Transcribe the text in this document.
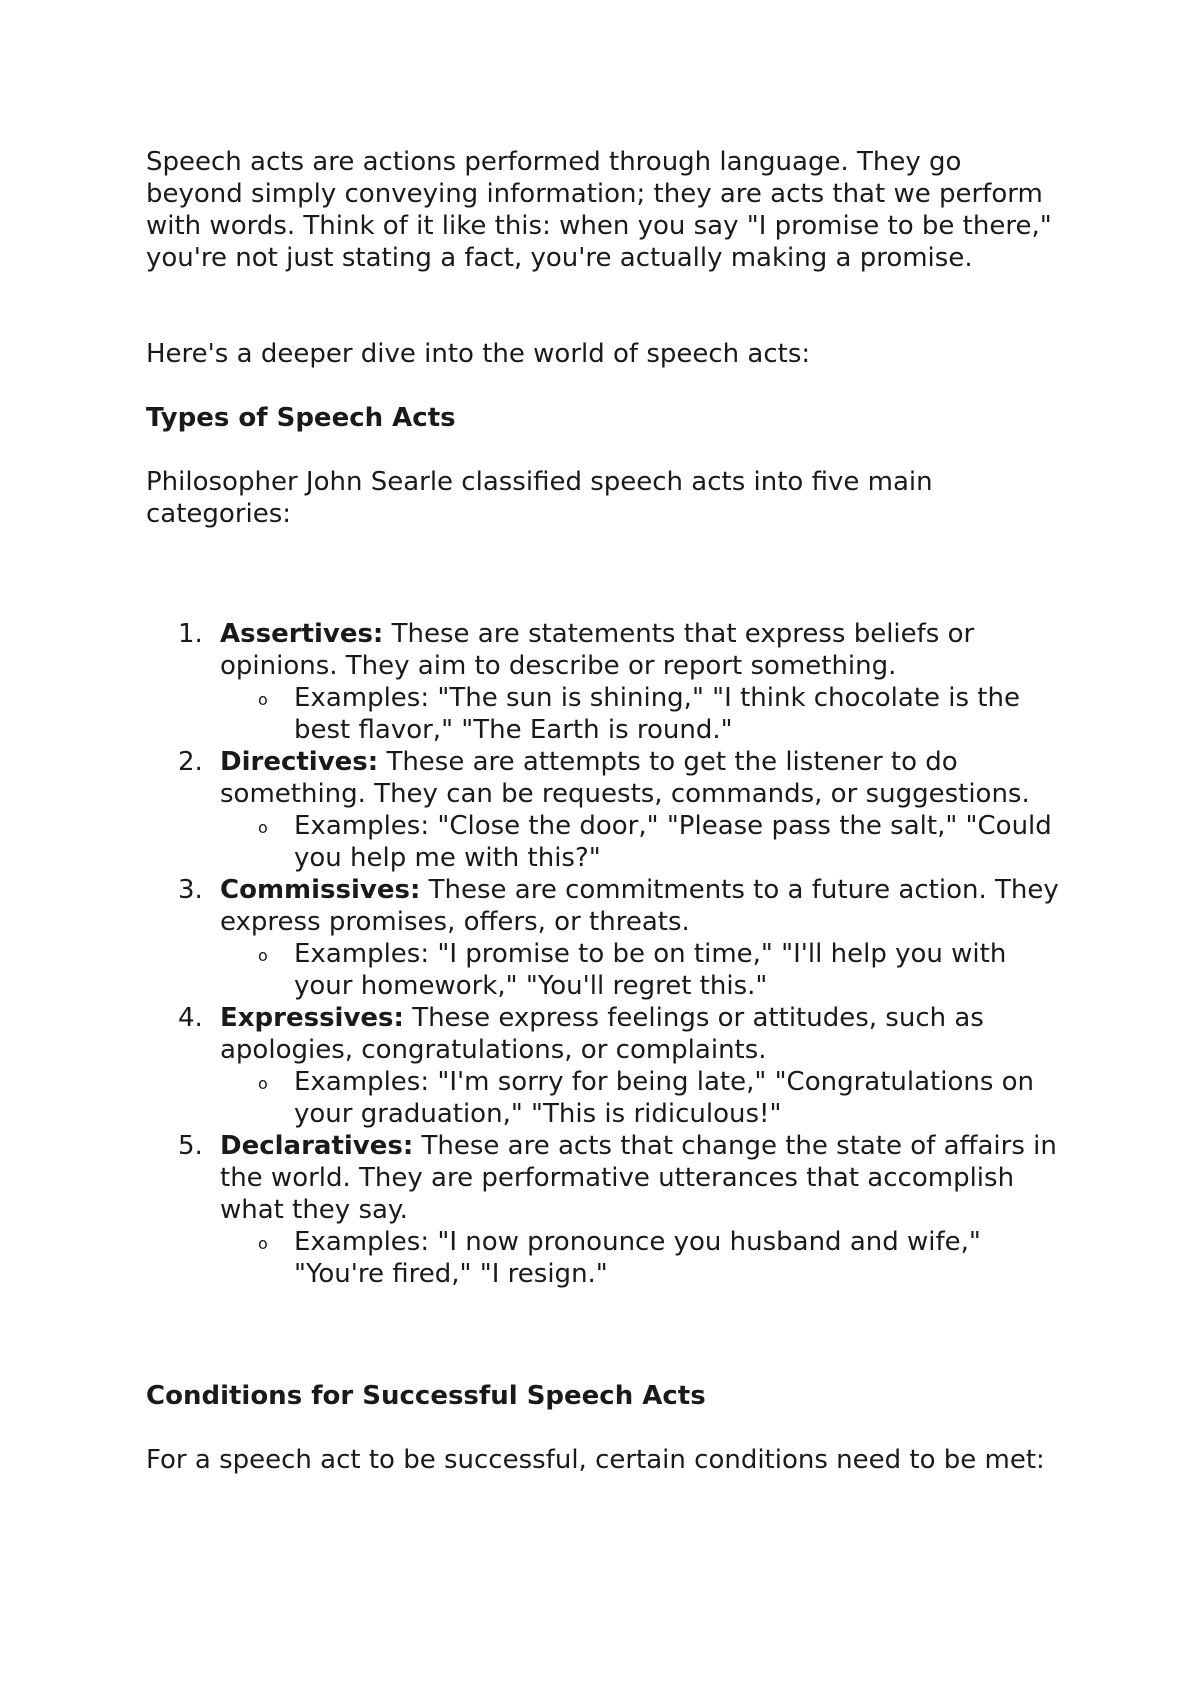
Speech acts are actions performed through language. They go beyond simply conveying information; they are acts that we perform with words. Think of it like this: when you say "I promise to be there," you're not just stating a fact, you're actually making a promise.

Here's a deeper dive into the world of speech acts:

Types of Speech Acts

Philosopher John Searle classified speech acts into five main categories:

1. Assertives: These are statements that express beliefs or opinions. They aim to describe or report something.
o Examples: "The sun is shining," "I think chocolate is the best flavor," "The Earth is round."
2. Directives: These are attempts to get the listener to do something. They can be requests, commands, or suggestions.
o Examples: "Close the door," "Please pass the salt," "Could you help me with this?"
3. Commissives: These are commitments to a future action. They express promises, offers, or threats.
o Examples: "I promise to be on time," "I'll help you with your homework," "You'll regret this."
4. Expressives: These express feelings or attitudes, such as apologies, congratulations, or complaints.
o Examples: "I'm sorry for being late," "Congratulations on your graduation," "This is ridiculous!"
5. Declaratives: These are acts that change the state of affairs in the world. They are performative utterances that accomplish what they say.
o Examples: "I now pronounce you husband and wife," "You're fired," "I resign."
Conditions for Successful Speech Acts

For a speech act to be successful, certain conditions need to be met:
